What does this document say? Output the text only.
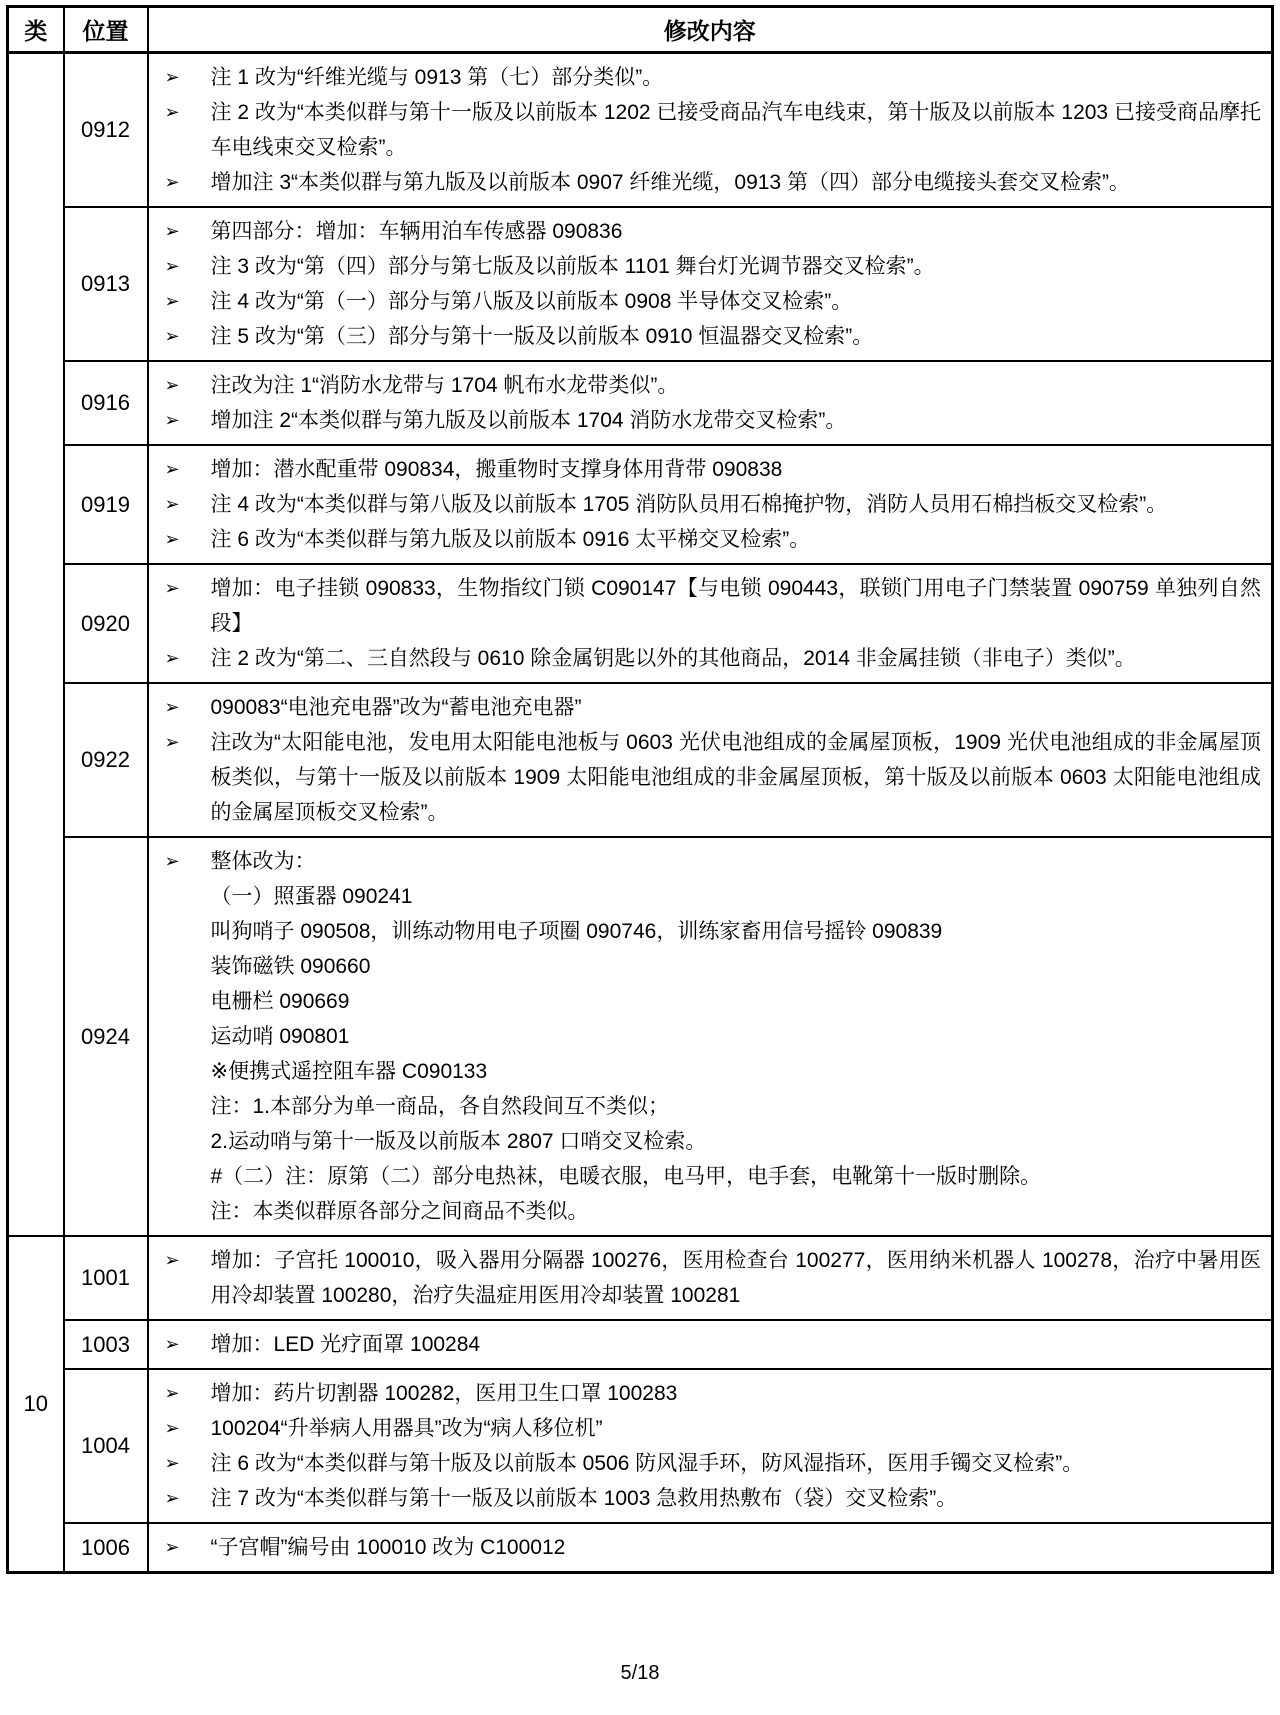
类	位置	修改内容
	0912	
➢	注 1 改为“纤维光缆与 0913 第（七）部分类似”。
➢	注 2 改为“本类似群与第十一版及以前版本 1202 已接受商品汽车电线束，第十版及以前版本 1203 已接受商品摩托车电线束交叉检索”。
➢	增加注 3“本类似群与第九版及以前版本 0907 纤维光缆，0913 第（四）部分电缆接头套交叉检索”。

0913	
➢	第四部分：增加：车辆用泊车传感器 090836
➢	注 3 改为“第（四）部分与第七版及以前版本 1101 舞台灯光调节器交叉检索”。
➢	注 4 改为“第（一）部分与第八版及以前版本 0908 半导体交叉检索”。
➢	注 5 改为“第（三）部分与第十一版及以前版本 0910 恒温器交叉检索”。

	0916	➢ 注改为注 1“消防水龙带与 1704 帆布水龙带类似”。
➢ 增加注 2“本类似群与第九版及以前版本 1704 消防水龙带交叉检索”。

0919	
➢	增加：潜水配重带 090834，搬重物时支撑身体用背带 090838
➢	注 4 改为“本类似群与第八版及以前版本 1705 消防队员用石棉掩护物，消防人员用石棉挡板交叉检索”。
➢	注 6 改为“本类似群与第九版及以前版本 0916 太平梯交叉检索”。

	0920	➢ 增加：电子挂锁 090833，生物指纹门锁 C090147【与电锁 090443，联锁门用电子门禁装置 090759 单独列自然段】
➢ 注 2 改为“第二、三自然段与 0610 除金属钥匙以外的其他商品，2014 非金属挂锁（非电子）类似”。

	0922	➢ 090083“电池充电器”改为“蓄电池充电器”
➢ 注改为“太阳能电池，发电用太阳能电池板与 0603 光伏电池组成的金属屋顶板，1909 光伏电池组成的非金属屋顶板类似，与第十一版及以前版本 1909 太阳能电池组成的非金属屋顶板，第十版及以前版本 0603 太阳能电池组成的金属屋顶板交叉检索”。

0924	
➢	整体改为：
（一）照蛋器 090241
叫狗哨子 090508，训练动物用电子项圈 090746，训练家畜用信号摇铃 090839
装饰磁铁 090660
电栅栏 090669
运动哨 090801
※便携式遥控阻车器 C090133
注：1.本部分为单一商品，各自然段间互不类似；
2.运动哨与第十一版及以前版本 2807 口哨交叉检索。
#（二）注：原第（二）部分电热袜，电暖衣服，电马甲，电手套，电靴第十一版时删除。
注：本类似群原各部分之间商品不类似。

10	1001	➢ 增加：子宫托 100010，吸入器用分隔器 100276，医用检查台 100277，医用纳米机器人 100278，治疗中暑用医用冷却装置 100280，治疗失温症用医用冷却装置 100281

	1003	➢ 增加：LED 光疗面罩 100284

1004	
➢	增加：药片切割器 100282，医用卫生口罩 100283
➢	100204“升举病人用器具”改为“病人移位机”
➢	注 6 改为“本类似群与第十版及以前版本 0506 防风湿手环，防风湿指环，医用手镯交叉检索”。
➢	注 7 改为“本类似群与第十一版及以前版本 1003 急救用热敷布（袋）交叉检索”。

	1006	➢ “子宫帽”编号由 100010 改为 C100012
5/18
